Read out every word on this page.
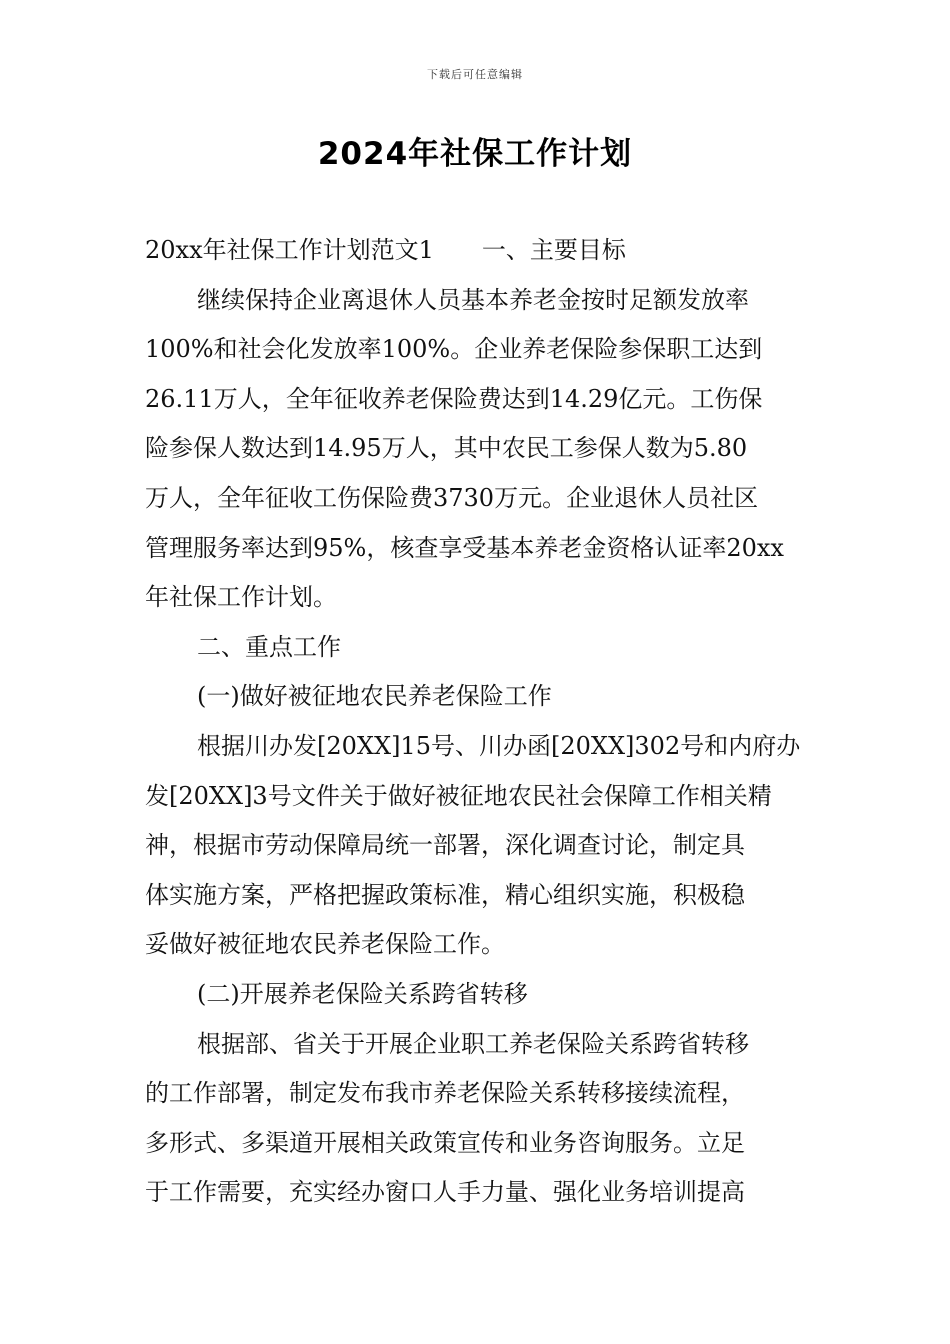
下载后可任意编辑
2024年社保工作计划
20xx年社保工作计划范文1　　一、主要目标
继续保持企业离退休人员基本养老金按时足额发放率
100%和社会化发放率100%。企业养老保险参保职工达到
26.11万人，全年征收养老保险费达到14.29亿元。工伤保
险参保人数达到14.95万人，其中农民工参保人数为5.80
万人，全年征收工伤保险费3730万元。企业退休人员社区
管理服务率达到95%，核查享受基本养老金资格认证率20xx
年社保工作计划。
二、重点工作
(一)做好被征地农民养老保险工作
根据川办发[20XX]15号、川办函[20XX]302号和内府办
发[20XX]3号文件关于做好被征地农民社会保障工作相关精
神，根据市劳动保障局统一部署，深化调查讨论，制定具
体实施方案，严格把握政策标准，精心组织实施，积极稳
妥做好被征地农民养老保险工作。
(二)开展养老保险关系跨省转移
根据部、省关于开展企业职工养老保险关系跨省转移
的工作部署，制定发布我市养老保险关系转移接续流程，
多形式、多渠道开展相关政策宣传和业务咨询服务。立足
于工作需要，充实经办窗口人手力量、强化业务培训提高
